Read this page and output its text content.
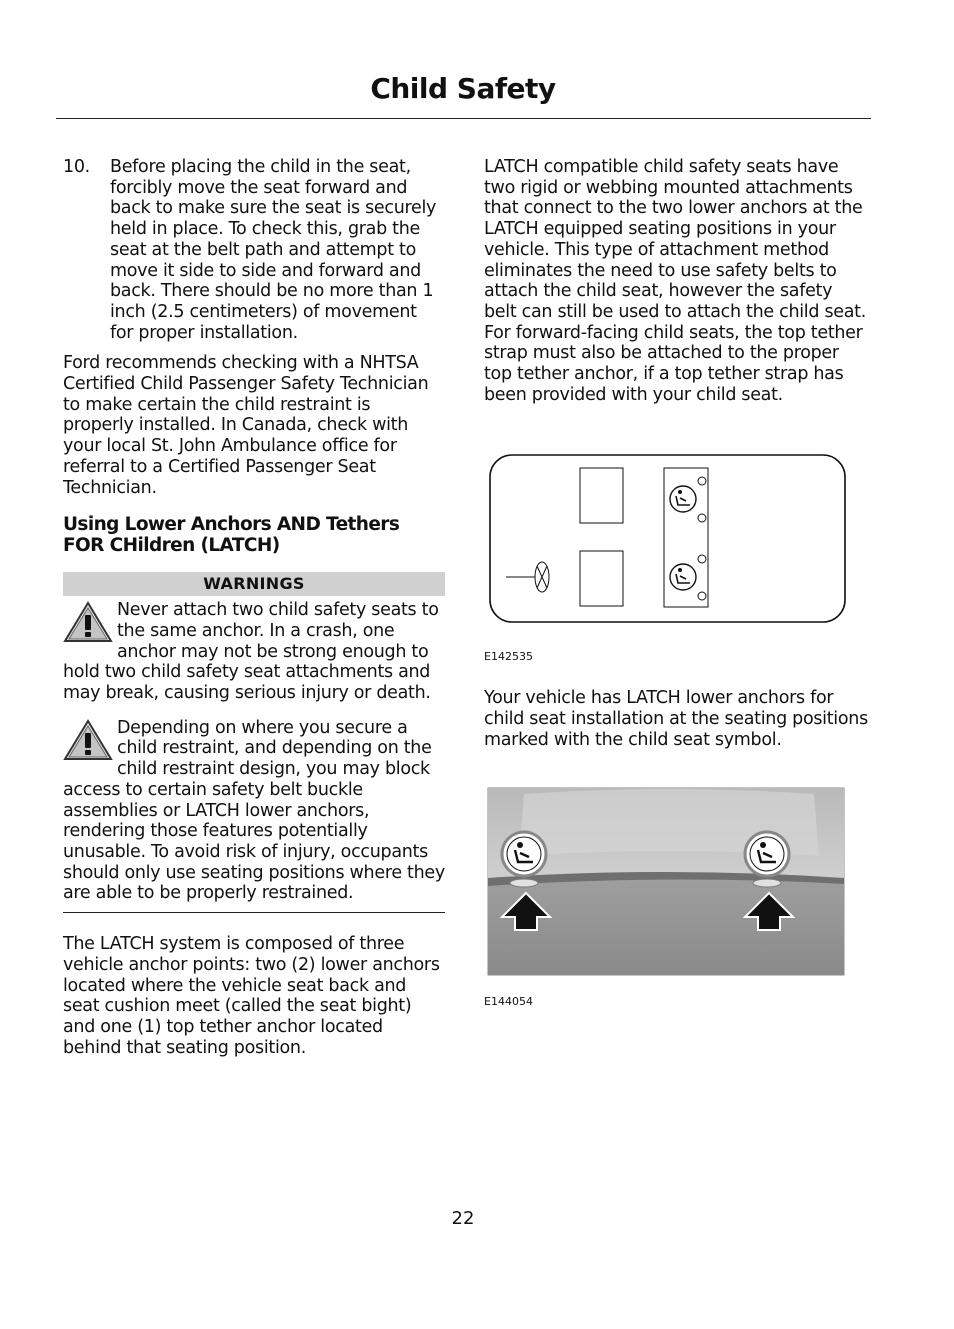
Child Safety
10.	Before placing the child in the seat, forcibly move the seat forward and back to make sure the seat is securely held in place. To check this, grab the seat at the belt path and attempt to move it side to side and forward and back. There should be no more than 1 inch (2.5 centimeters) of movement for proper installation.

Ford recommends checking with a NHTSA Certified Child Passenger Safety Technician to make certain the child restraint is properly installed. In Canada, check with your local St. John Ambulance office for referral to a Certified Passenger Seat Technician.

Using Lower Anchors AND Tethers FOR CHildren (LATCH)
WARNINGS
Never attach two child safety seats to the same anchor. In a crash, one anchor may not be strong enough to hold two child safety seat attachments and may break, causing serious injury or death.
Depending on where you secure a child restraint, and depending on the child restraint design, you may block access to certain safety belt buckle assemblies or LATCH lower anchors, rendering those features potentially unusable. To avoid risk of injury, occupants should only use seating positions where they are able to be properly restrained.

The LATCH system is composed of three vehicle anchor points: two (2) lower anchors located where the vehicle seat back and seat cushion meet (called the seat bight) and one (1) top tether anchor located behind that seating position.

LATCH compatible child safety seats have two rigid or webbing mounted attachments that connect to the two lower anchors at the LATCH equipped seating positions in your vehicle. This type of attachment method eliminates the need to use safety belts to attach the child seat, however the safety belt can still be used to attach the child seat. For forward-facing child seats, the top tether strap must also be attached to the proper top tether anchor, if a top tether strap has been provided with your child seat.

E142535

Your vehicle has LATCH lower anchors for child seat installation at the seating positions marked with the child seat symbol.

E144054
22
